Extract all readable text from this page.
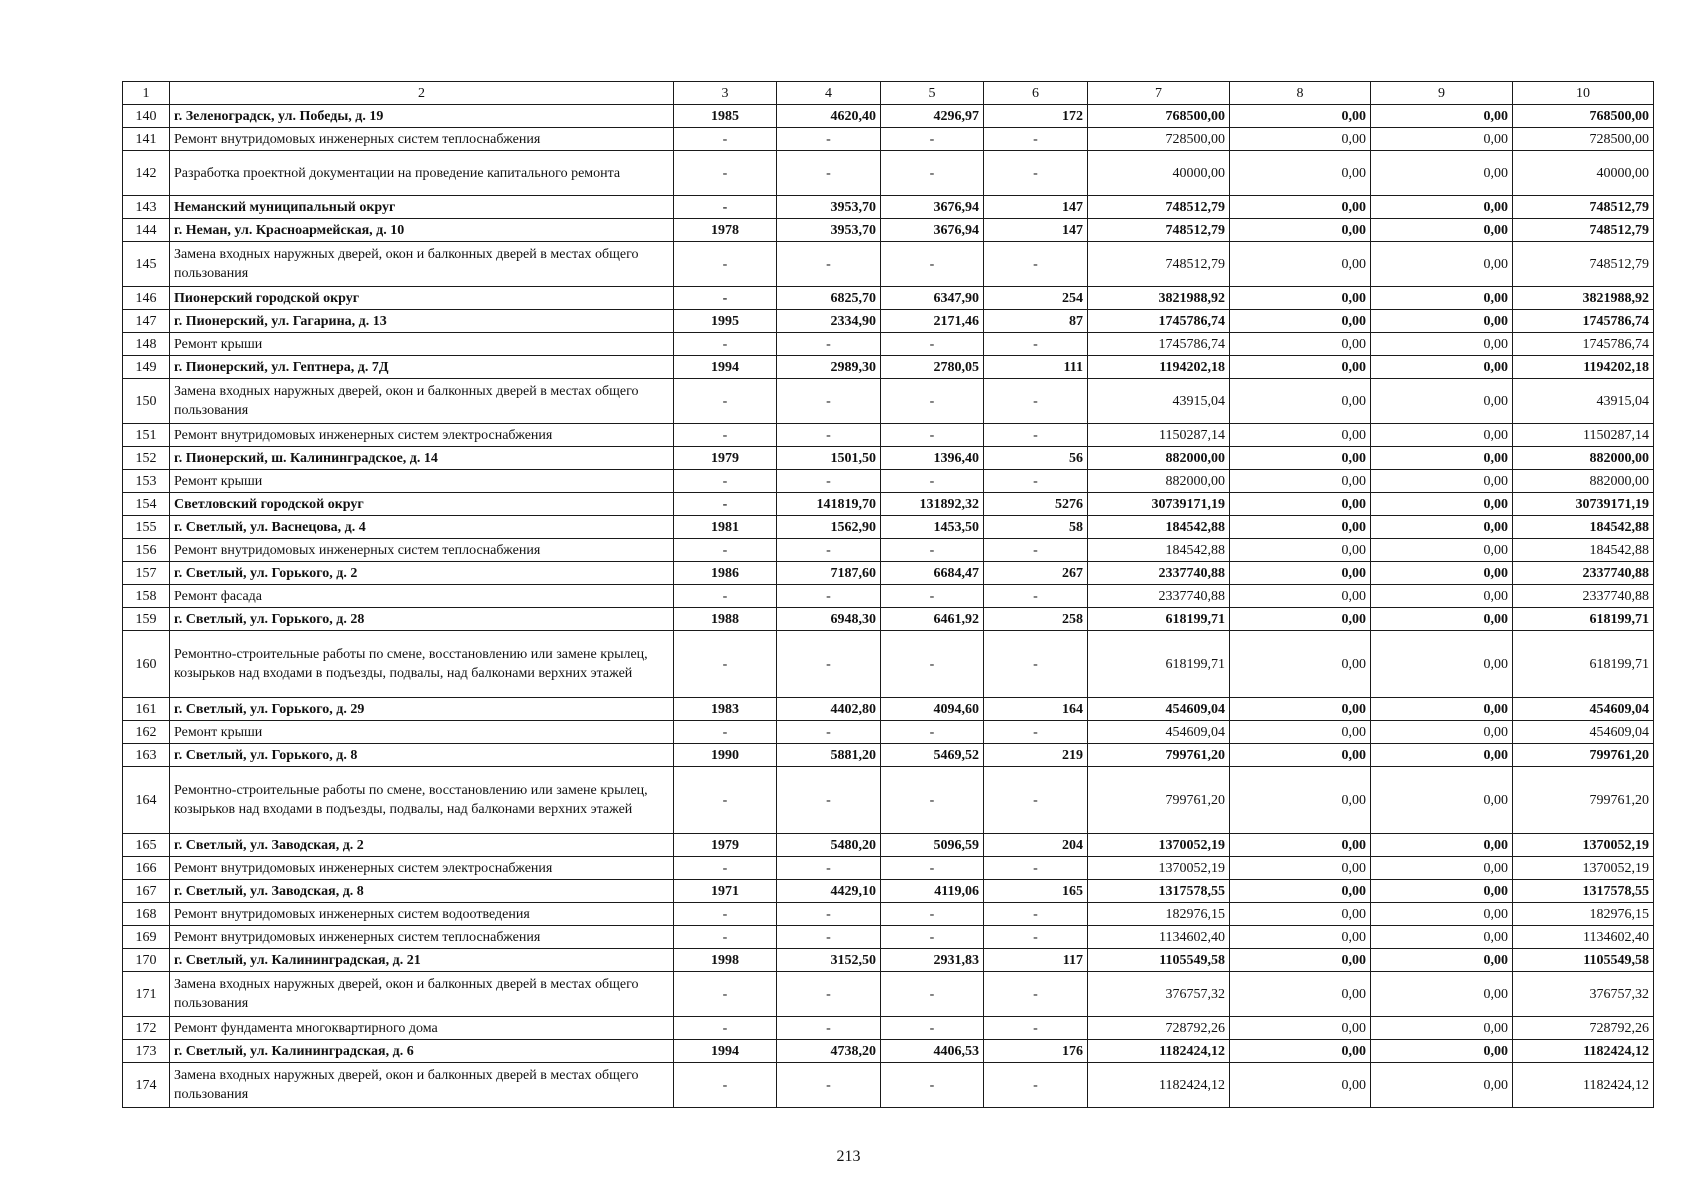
1	2	3	4	5	6	7	8	9	10
140	г. Зеленоградск, ул. Победы, д. 19	1985	4620,40	4296,97	172	768500,00	0,00	0,00	768500,00
141	Ремонт внутридомовых инженерных систем теплоснабжения	-	-	-	-	728500,00	0,00	0,00	728500,00
142	Разработка проектной документации на проведение капитального ремонта	-	-	-	-	40000,00	0,00	0,00	40000,00
143	Неманский муниципальный округ	-	3953,70	3676,94	147	748512,79	0,00	0,00	748512,79
144	г. Неман, ул. Красноармейская, д. 10	1978	3953,70	3676,94	147	748512,79	0,00	0,00	748512,79
145	Замена входных наружных дверей, окон и балконных дверей в местах общего пользования	-	-	-	-	748512,79	0,00	0,00	748512,79
146	Пионерский городской округ	-	6825,70	6347,90	254	3821988,92	0,00	0,00	3821988,92
147	г. Пионерский, ул. Гагарина, д. 13	1995	2334,90	2171,46	87	1745786,74	0,00	0,00	1745786,74
148	Ремонт крыши	-	-	-	-	1745786,74	0,00	0,00	1745786,74
149	г. Пионерский, ул. Гептнера, д. 7Д	1994	2989,30	2780,05	111	1194202,18	0,00	0,00	1194202,18
150	Замена входных наружных дверей, окон и балконных дверей в местах общего пользования	-	-	-	-	43915,04	0,00	0,00	43915,04
151	Ремонт внутридомовых инженерных систем электроснабжения	-	-	-	-	1150287,14	0,00	0,00	1150287,14
152	г. Пионерский, ш. Калининградское, д. 14	1979	1501,50	1396,40	56	882000,00	0,00	0,00	882000,00
153	Ремонт крыши	-	-	-	-	882000,00	0,00	0,00	882000,00
154	Светловский городской округ	-	141819,70	131892,32	5276	30739171,19	0,00	0,00	30739171,19
155	г. Светлый, ул. Васнецова, д. 4	1981	1562,90	1453,50	58	184542,88	0,00	0,00	184542,88
156	Ремонт внутридомовых инженерных систем теплоснабжения	-	-	-	-	184542,88	0,00	0,00	184542,88
157	г. Светлый, ул. Горького, д. 2	1986	7187,60	6684,47	267	2337740,88	0,00	0,00	2337740,88
158	Ремонт фасада	-	-	-	-	2337740,88	0,00	0,00	2337740,88
159	г. Светлый, ул. Горького, д. 28	1988	6948,30	6461,92	258	618199,71	0,00	0,00	618199,71
160	Ремонтно-строительные работы по смене, восстановлению или замене крылец, козырьков над входами в подъезды, подвалы, над балконами верхних этажей	-	-	-	-	618199,71	0,00	0,00	618199,71
161	г. Светлый, ул. Горького, д. 29	1983	4402,80	4094,60	164	454609,04	0,00	0,00	454609,04
162	Ремонт крыши	-	-	-	-	454609,04	0,00	0,00	454609,04
163	г. Светлый, ул. Горького, д. 8	1990	5881,20	5469,52	219	799761,20	0,00	0,00	799761,20
164	Ремонтно-строительные работы по смене, восстановлению или замене крылец, козырьков над входами в подъезды, подвалы, над балконами верхних этажей	-	-	-	-	799761,20	0,00	0,00	799761,20
165	г. Светлый, ул. Заводская, д. 2	1979	5480,20	5096,59	204	1370052,19	0,00	0,00	1370052,19
166	Ремонт внутридомовых инженерных систем электроснабжения	-	-	-	-	1370052,19	0,00	0,00	1370052,19
167	г. Светлый, ул. Заводская, д. 8	1971	4429,10	4119,06	165	1317578,55	0,00	0,00	1317578,55
168	Ремонт внутридомовых инженерных систем водоотведения	-	-	-	-	182976,15	0,00	0,00	182976,15
169	Ремонт внутридомовых инженерных систем теплоснабжения	-	-	-	-	1134602,40	0,00	0,00	1134602,40
170	г. Светлый, ул. Калининградская, д. 21	1998	3152,50	2931,83	117	1105549,58	0,00	0,00	1105549,58
171	Замена входных наружных дверей, окон и балконных дверей в местах общего пользования	-	-	-	-	376757,32	0,00	0,00	376757,32
172	Ремонт фундамента многоквартирного дома	-	-	-	-	728792,26	0,00	0,00	728792,26
173	г. Светлый, ул. Калининградская, д. 6	1994	4738,20	4406,53	176	1182424,12	0,00	0,00	1182424,12
174	Замена входных наружных дверей, окон и балконных дверей в местах общего пользования	-	-	-	-	1182424,12	0,00	0,00	1182424,12
213
